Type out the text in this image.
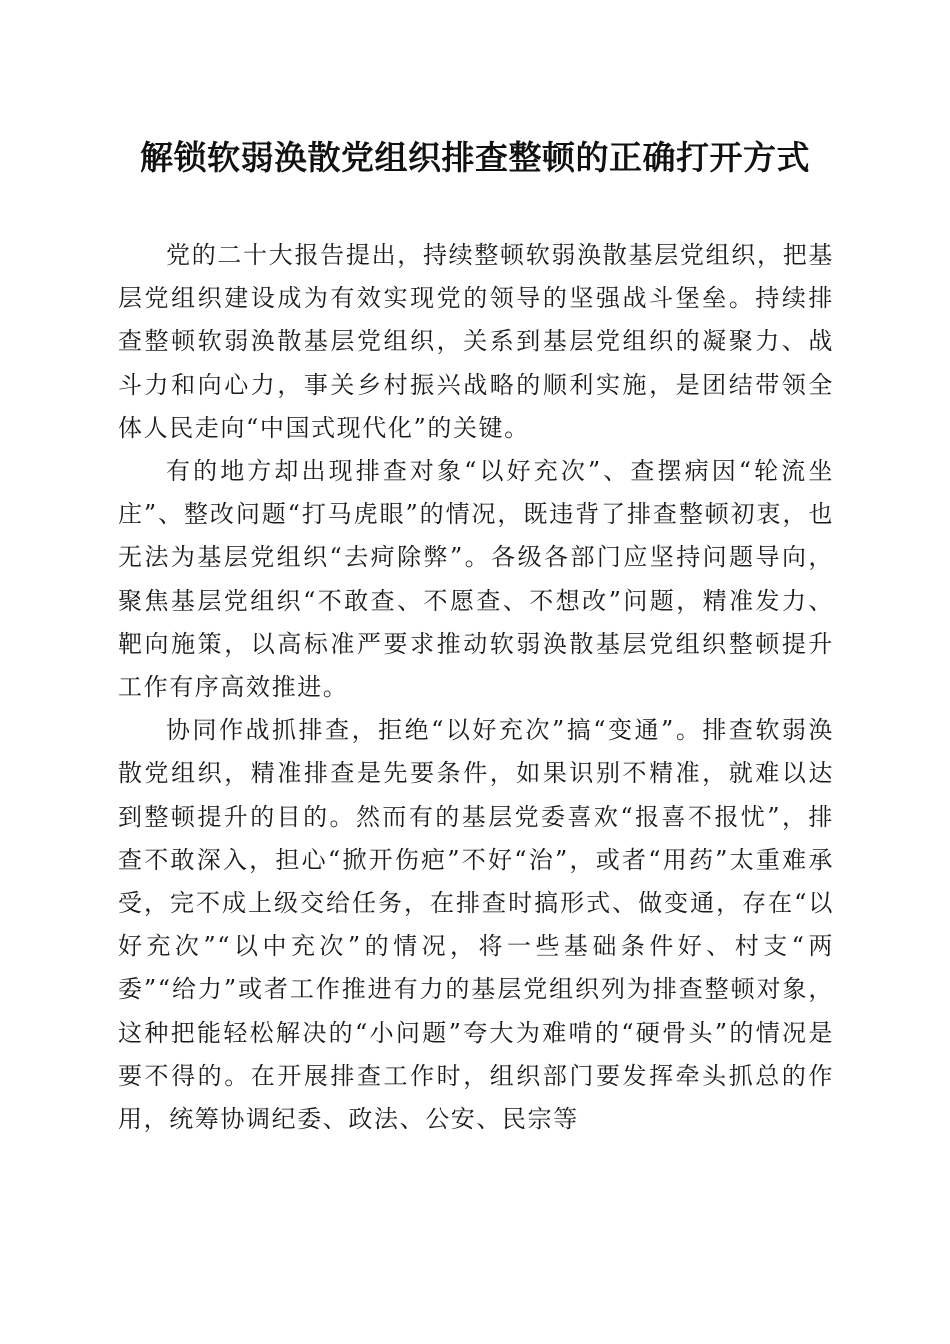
解锁软弱涣散党组织排查整顿的正确打开方式

党的二十大报告提出，持续整顿软弱涣散基层党组织，把基层党组织建设成为有效实现党的领导的坚强战斗堡垒。持续排查整顿软弱涣散基层党组织，关系到基层党组织的凝聚力、战斗力和向心力，事关乡村振兴战略的顺利实施，是团结带领全体人民走向“中国式现代化”的关键。

有的地方却出现排查对象“以好充次”、查摆病因“轮流坐庄”、整改问题“打马虎眼”的情况，既违背了排查整顿初衷，也无法为基层党组织“去疴除弊”。各级各部门应坚持问题导向，聚焦基层党组织“不敢查、不愿查、不想改”问题，精准发力、靶向施策，以高标准严要求推动软弱涣散基层党组织整顿提升工作有序高效推进。

协同作战抓排查，拒绝“以好充次”搞“变通”。排查软弱涣散党组织，精准排查是先要条件，如果识别不精准，就难以达到整顿提升的目的。然而有的基层党委喜欢“报喜不报忧”，排查不敢深入，担心“掀开伤疤”不好“治”，或者“用药”太重难承受，完不成上级交给任务，在排查时搞形式、做变通，存在“以好充次”“以中充次”的情况，将一些基础条件好、村支“两委”“给力”或者工作推进有力的基层党组织列为排查整顿对象，这种把能轻松解决的“小问题”夸大为难啃的“硬骨头”的情况是要不得的。在开展排查工作时，组织部门要发挥牵头抓总的作用，统筹协调纪委、政法、公安、民宗等
